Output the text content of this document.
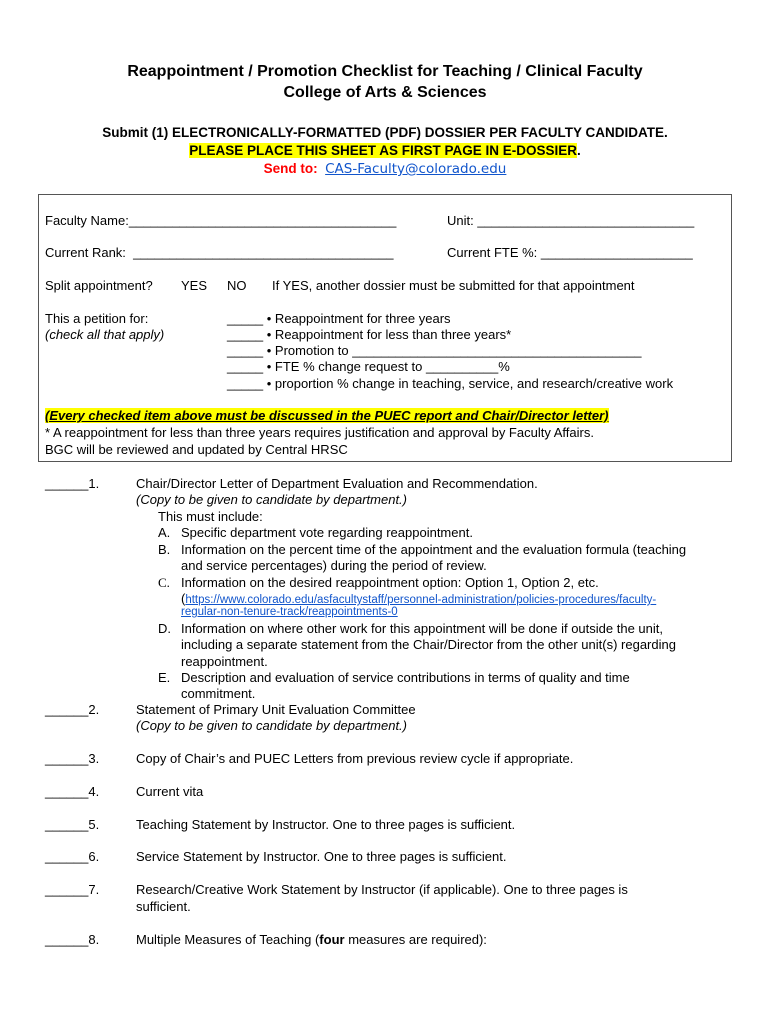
Reappointment / Promotion Checklist for Teaching / Clinical Faculty
College of Arts & Sciences
Submit (1) ELECTRONICALLY-FORMATTED (PDF) DOSSIER PER FACULTY CANDIDATE.
PLEASE PLACE THIS SHEET AS FIRST PAGE IN E-DOSSIER.
Send to: CAS-Faculty@colorado.edu
Faculty Name:_____________________________________	Unit: ______________________________
Current Rank: ____________________________________	Current FTE %: _____________________
Split appointment? YES NO If YES, another dossier must be submitted for that appointment
This a petition for:
(check all that apply)
_____ • Reappointment for three years
_____ • Reappointment for less than three years*
_____ • Promotion to ________________________________________
_____ • FTE % change request to __________%
_____ • proportion % change in teaching, service, and research/creative work
(Every checked item above must be discussed in the PUEC report and Chair/Director letter)
* A reappointment for less than three years requires justification and approval by Faculty Affairs.
BGC will be reviewed and updated by Central HRSC
______1.	Chair/Director Letter of Department Evaluation and Recommendation.
(Copy to be given to candidate by department.)
This must include:
A. Specific department vote regarding reappointment.
B. Information on the percent time of the appointment and the evaluation formula (teaching
and service percentages) during the period of review.
C. Information on the desired reappointment option: Option 1, Option 2, etc.
(https://www.colorado.edu/asfacultystaff/personnel-administration/policies-procedures/faculty-
regular-non-tenure-track/reappointments-0
D. Information on where other work for this appointment will be done if outside the unit,
including a separate statement from the Chair/Director from the other unit(s) regarding
reappointment.
E. Description and evaluation of service contributions in terms of quality and time
commitment.
______2.	Statement of Primary Unit Evaluation Committee
(Copy to be given to candidate by department.)
______3.	Copy of Chair’s and PUEC Letters from previous review cycle if appropriate.
______4.	Current vita
______5.	Teaching Statement by Instructor. One to three pages is sufficient.
______6.	Service Statement by Instructor. One to three pages is sufficient.
______7.	Research/Creative Work Statement by Instructor (if applicable). One to three pages is
sufficient.
______8.	Multiple Measures of Teaching (four measures are required):
